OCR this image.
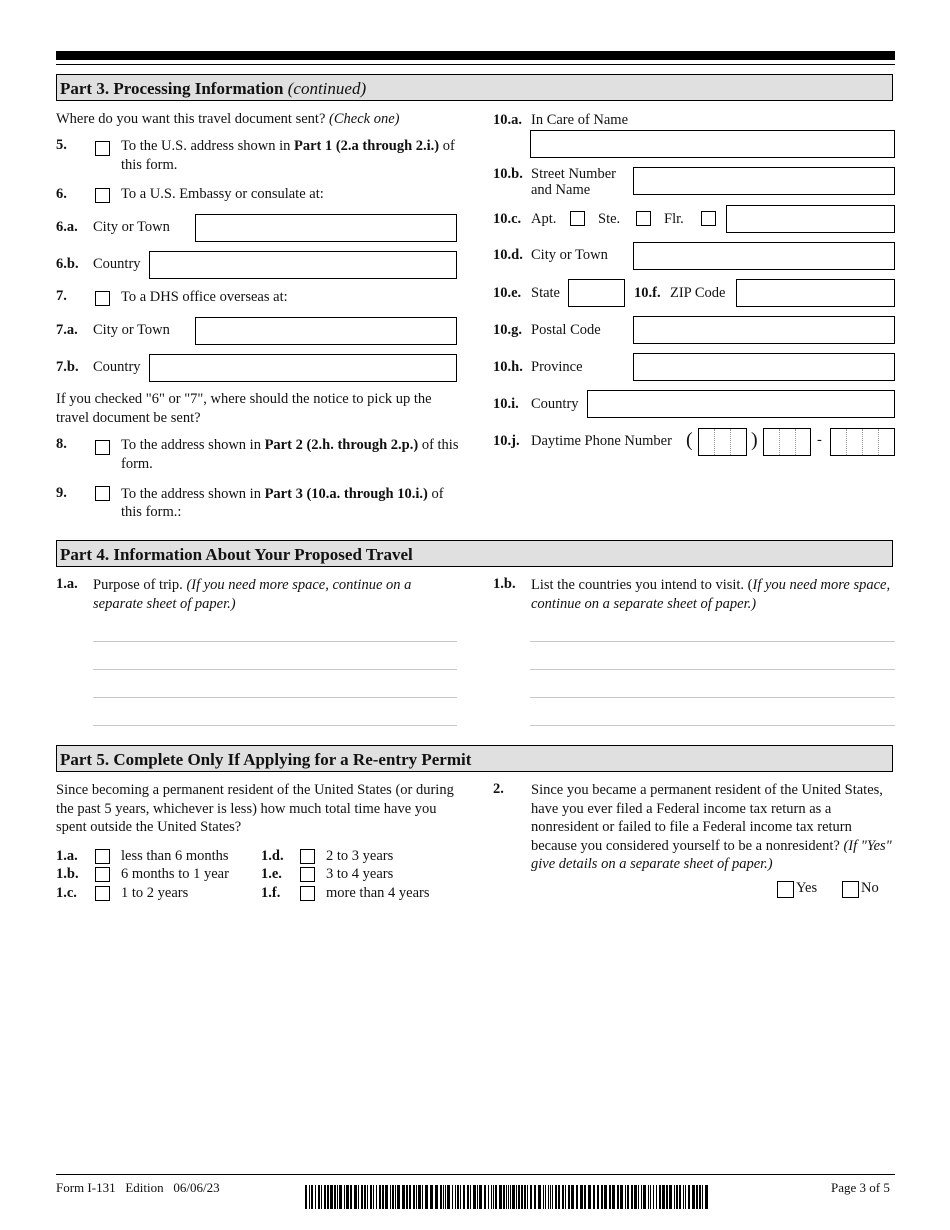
Part 3. Processing Information (continued)
Where do you want this travel document sent? (Check one)
5.	To the U.S. address shown in Part 1 (2.a through 2.i.) of this form.
6.	To a U.S. Embassy or consulate at:
6.a. City or Town
6.b. Country
7.	To a DHS office overseas at:
7.a. City or Town
7.b. Country
If you checked "6" or "7", where should the notice to pick up the travel document be sent?
8.	To the address shown in Part 2 (2.h. through 2.p.) of this form.
9.	To the address shown in Part 3 (10.a. through 10.i.) of this form.:
10.a. In Care of Name
10.b. Street Number
and Name
10.c. Apt.	Ste.	Flr.
10.d. City or Town
10.e. State	10.f. ZIP Code
10.g. Postal Code
10.h. Province
10.i. Country
10.j. Daytime Phone Number (	)	-
Part 4. Information About Your Proposed Travel
1.a. Purpose of trip. (If you need more space, continue on a separate sheet of paper.)
1.b. List the countries you intend to visit. (If you need more space, continue on a separate sheet of paper.)
Part 5. Complete Only If Applying for a Re-entry Permit
Since becoming a permanent resident of the United States (or during the past 5 years, whichever is less) how much total time have you spent outside the United States?
1.a.	less than 6 months
1.b.	6 months to 1 year
1.c.	1 to 2 years
1.d.	2 to 3 years
1.e.	3 to 4 years
1.f.	more than 4 years
2. Since you became a permanent resident of the United States, have you ever filed a Federal income tax return as a nonresident or failed to file a Federal income tax return because you considered yourself to be a nonresident? (If "Yes" give details on a separate sheet of paper.)
Yes	No
Form I-131   Edition   06/06/23	Page 3 of 5
